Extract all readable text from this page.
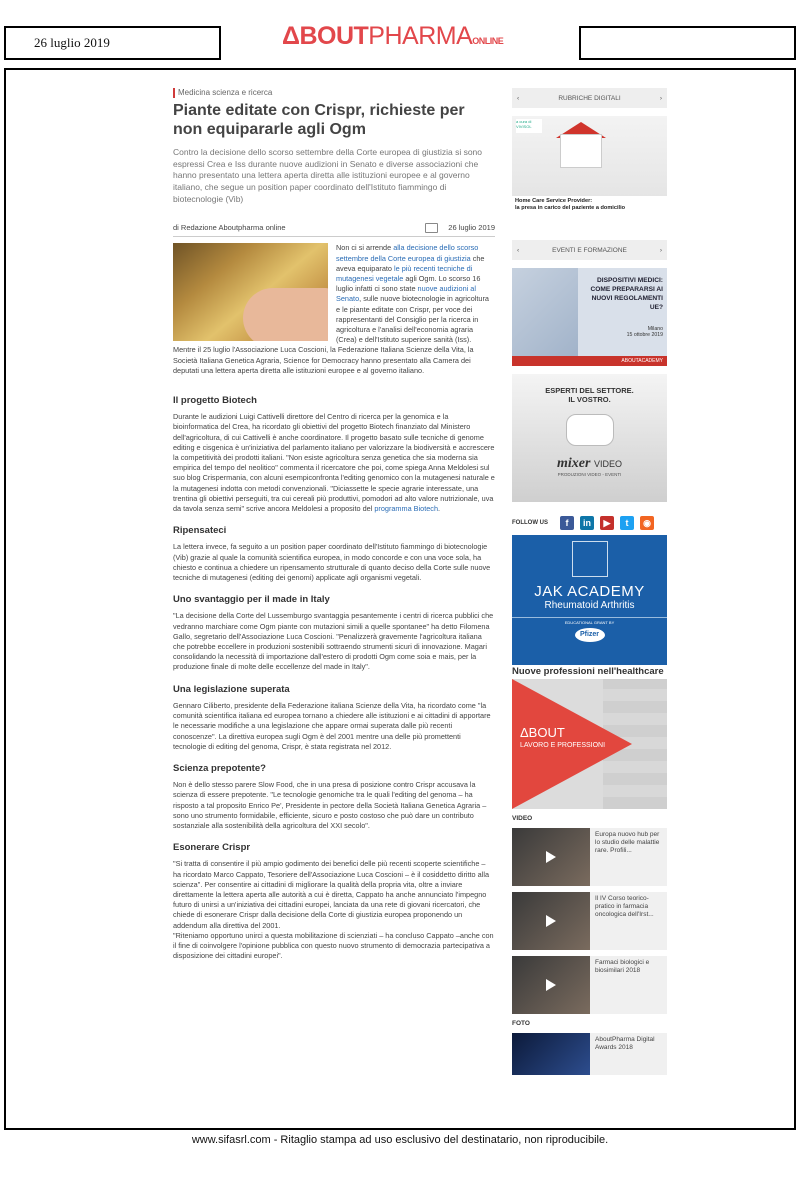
26 luglio 2019	ΔBOUTPHARMAONLINE
Medicina scienza e ricerca
Piante editate con Crispr, richieste per non equipararle agli Ogm
Contro la decisione dello scorso settembre della Corte europea di giustizia si sono espressi Crea e Iss durante nuove audizioni in Senato e diverse associazioni che hanno presentato una lettera aperta diretta alle istituzioni europee e al governo italiano, che segue un position paper coordinato dell'Istituto fiammingo di biotecnologie (Vib)
di Redazione Aboutpharma online	26 luglio 2019

Non ci si arrende alla decisione dello scorso settembre della Corte europea di giustizia che aveva equiparato le più recenti tecniche di mutagenesi vegetale agli Ogm. Lo scorso 16 luglio infatti ci sono state nuove audizioni al Senato, sulle nuove biotecnologie in agricoltura e le piante editate con Crispr, per voce dei rappresentanti del Consiglio per la ricerca in agricoltura e l'analisi dell'economia agraria (Crea) e dell'Istituto superiore sanità (Iss). Mentre il 25 luglio l'Associazione Luca Coscioni, la Federazione Italiana Scienze della Vita, la Società Italiana Genetica Agraria, Science for Democracy hanno presentato alla Camera dei deputati una lettera aperta diretta alle istituzioni europee e al governo italiano.

Il progetto Biotech

Durante le audizioni Luigi Cattivelli direttore del Centro di ricerca per la genomica e la bioinformatica del Crea, ha ricordato gli obiettivi del progetto Biotech finanziato dal Ministero dell'agricoltura, di cui Cattivelli è anche coordinatore. Il progetto basato sulle tecniche di genome editing e cisgenica è un'iniziativa del parlamento italiano per valorizzare la biodiversità e accrescere la competitività dei prodotti italiani. "Non esiste agricoltura senza genetica che sia moderna sia empirica del tempo del neolitico" commenta il ricercatore che poi, come spiega Anna Meldolesi sul suo blog Crispermania, con alcuni esempiconfronta l'editing genomico con la mutagenesi naturale e la mutagenesi indotta con metodi convenzionali. "Diciassette le specie agrarie interessate, una trentina gli obiettivi perseguiti, tra cui cereali più produttivi, pomodori ad alto valore nutrizionale, uva da tavola senza semi" scrive ancora Meldolesi a proposito del programma Biotech.

Ripensateci

La lettera invece, fa seguito a un position paper coordinato dell'Istituto fiammingo di biotecnologie (Vib) grazie al quale la comunità scientifica europea, in modo concorde e con una voce sola, ha chiesto e continua a chiedere un ripensamento strutturale di quanto deciso della Corte sulle nuove tecniche di mutagenesi (editing dei genomi) applicate agli organismi vegetali.

Uno svantaggio per il made in Italy

"La decisione della Corte del Lussemburgo svantaggia pesantemente i centri di ricerca pubblici che vedranno marchiare come Ogm piante con mutazioni simili a quelle spontanee" ha detto Filomena Gallo, segretario dell'Associazione Luca Coscioni. "Penalizzerà gravemente l'agricoltura italiana che potrebbe eccellere in produzioni sostenibili sottraendo strumenti sicuri di innovazione. Magari consolidando la necessità di importazione dall'estero di prodotti Ogm come soia e mais, per la produzione finale di molte delle eccellenze del made in Italy".

Una legislazione superata

Gennaro Ciliberto, presidente della Federazione italiana Scienze della Vita, ha ricordato come "la comunità scientifica italiana ed europea tornano a chiedere alle istituzioni e ai cittadini di apportare le necessarie modifiche a una legislazione che appare ormai superata dalle più recenti conoscenze". La direttiva europea sugli Ogm è del 2001 mentre una delle più promettenti tecnologie di editing del genoma, Crispr, è stata registrata nel 2012.

Scienza prepotente?

Non è dello stesso parere Slow Food, che in una presa di posizione contro Crispr accusava la scienza di essere prepotente. "Le tecnologie genomiche tra le quali l'editing del genoma – ha risposto a tal proposito Enrico Pe', Presidente in pectore della Società Italiana Genetica Agraria – sono uno strumento formidabile, efficiente, sicuro e posto costoso che può dare un contributo sostanziale alla sostenibilità della agricoltura del XXI secolo".

Esonerare Crispr

"Si tratta di consentire il più ampio godimento dei benefici delle più recenti scoperte scientifiche – ha ricordato Marco Cappato, Tesoriere dell'Associazione Luca Coscioni – è il cosiddetto diritto alla scienza". Per consentire ai cittadini di migliorare la qualità della propria vita, oltre a inviare direttamente la lettera aperta alle autorità a cui è diretta, Cappato ha anche annunciato l'impegno futuro di unirsi a un'iniziativa dei cittadini europei, lanciata da una rete di giovani ricercatori, che chiede di esonerare Crispr dalla decisione della Corte di giustizia europea proponendo un addendum alla direttiva del 2001.

"Riteniamo opportuno unirci a questa mobilitazione di scienziati – ha concluso Cappato –anche con il fine di coinvolgere l'opinione pubblica con questo nuovo strumento di democrazia partecipativa a disposizione dei cittadini europei".

‹	RUBRICHE DIGITALI	›
a cura di VIVISOL
Home Care Service Provider:
la presa in carico del paziente a domicilio
‹	EVENTI E FORMAZIONE	›
DISPOSITIVI MEDICI: COME PREPARARSI AI NUOVI REGOLAMENTI UE?
Milano
15 ottobre 2019
ABOUTACADEMY
ESPERTI DEL SETTORE.
IL VOSTRO.
mixer VIDEO
PRODUZIONI VIDEO - EVENTI
FOLLOW US	f	in	▶	t	◉
JAK ACADEMY
Rheumatoid Arthritis
EDUCATIONAL GRANT BY
Pfizer
Nuove professioni nell'healthcare
ΔBOUT
LAVORO E PROFESSIONI
VIDEO
Europa nuovo hub per lo studio delle malattie rare. Profili...
Il IV Corso teorico-pratico in farmacia oncologica dell'Irst...
Farmaci biologici e biosimilari 2018
FOTO
AboutPharma Digital Awards 2018
www.sifasrl.com - Ritaglio stampa ad uso esclusivo del destinatario, non riproducibile.
